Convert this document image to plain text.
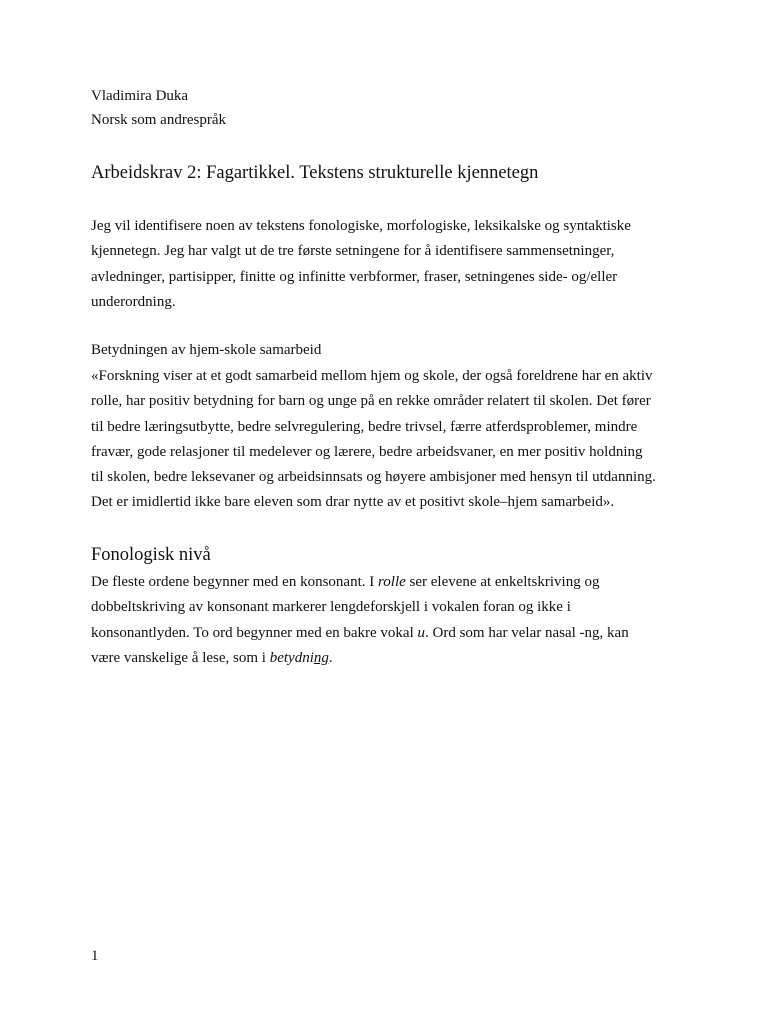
Vladimira Duka
Norsk som andrespråk
Arbeidskrav 2: Fagartikkel. Tekstens strukturelle kjennetegn
Jeg vil identifisere noen av tekstens fonologiske, morfologiske, leksikalske og syntaktiske
kjennetegn. Jeg har valgt ut de tre første setningene for å identifisere sammensetninger,
avledninger, partisipper, finitte og infinitte verbformer, fraser, setningenes side- og/eller
underordning.
Betydningen av hjem-skole samarbeid
«Forskning viser at et godt samarbeid mellom hjem og skole, der også foreldrene har en aktiv
rolle, har positiv betydning for barn og unge på en rekke områder relatert til skolen. Det fører
til bedre læringsutbytte, bedre selvregulering, bedre trivsel, færre atferdsproblemer, mindre
fravær, gode relasjoner til medelever og lærere, bedre arbeidsvaner, en mer positiv holdning
til skolen, bedre leksevaner og arbeidsinnsats og høyere ambisjoner med hensyn til utdanning.
Det er imidlertid ikke bare eleven som drar nytte av et positivt skole–hjem samarbeid».
Fonologisk nivå
De fleste ordene begynner med en konsonant. I rolle ser elevene at enkeltskriving og
dobbeltskriving av konsonant markerer lengdeforskjell i vokalen foran og ikke i
konsonantlyden. To ord begynner med en bakre vokal u. Ord som har velar nasal -ng, kan
være vanskelige å lese, som i betydning.
1
